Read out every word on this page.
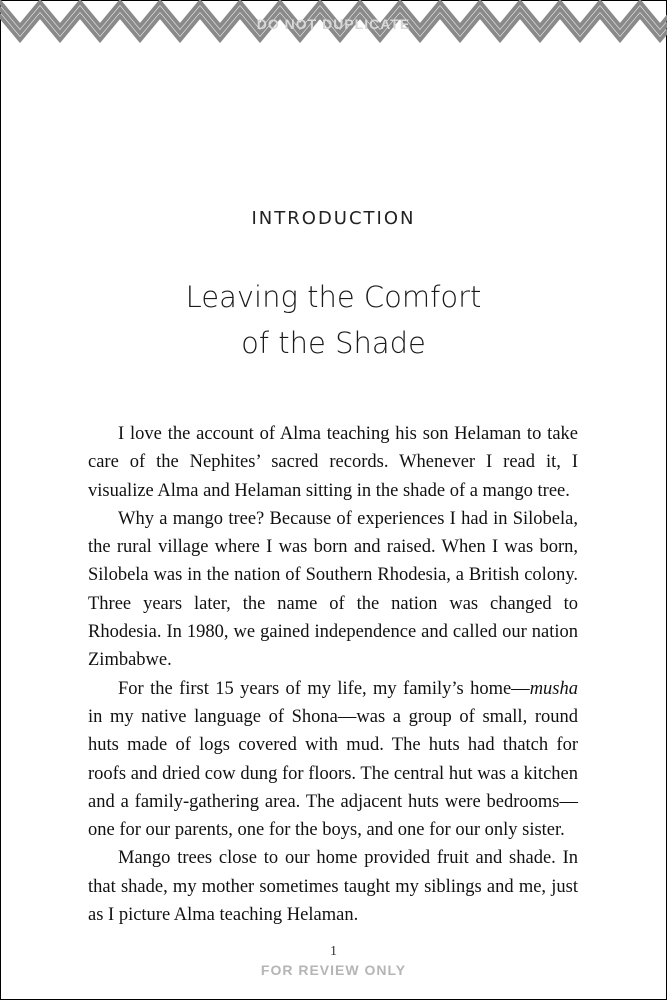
DO NOT DUPLICATE
INTRODUCTION
Leaving the Comfort
of the Shade

I love the account of Alma teaching his son Helaman to take care of the Nephites’ sacred records. Whenever I read it, I visualize Alma and Helaman sitting in the shade of a mango tree.

Why a mango tree? Because of experiences I had in Silobela, the rural village where I was born and raised. When I was born, Silobela was in the nation of Southern Rhodesia, a British colony. Three years later, the name of the nation was changed to Rhodesia. In 1980, we gained independence and called our nation Zimbabwe.

For the first 15 years of my life, my family’s home—musha in my native language of Shona—was a group of small, round huts made of logs covered with mud. The huts had thatch for roofs and dried cow dung for floors. The central hut was a kitchen and a family-gathering area. The adjacent huts were bedrooms—one for our parents, one for the boys, and one for our only sister.

Mango trees close to our home provided fruit and shade. In that shade, my mother sometimes taught my siblings and me, just as I picture Alma teaching Helaman.

1
FOR REVIEW ONLY
